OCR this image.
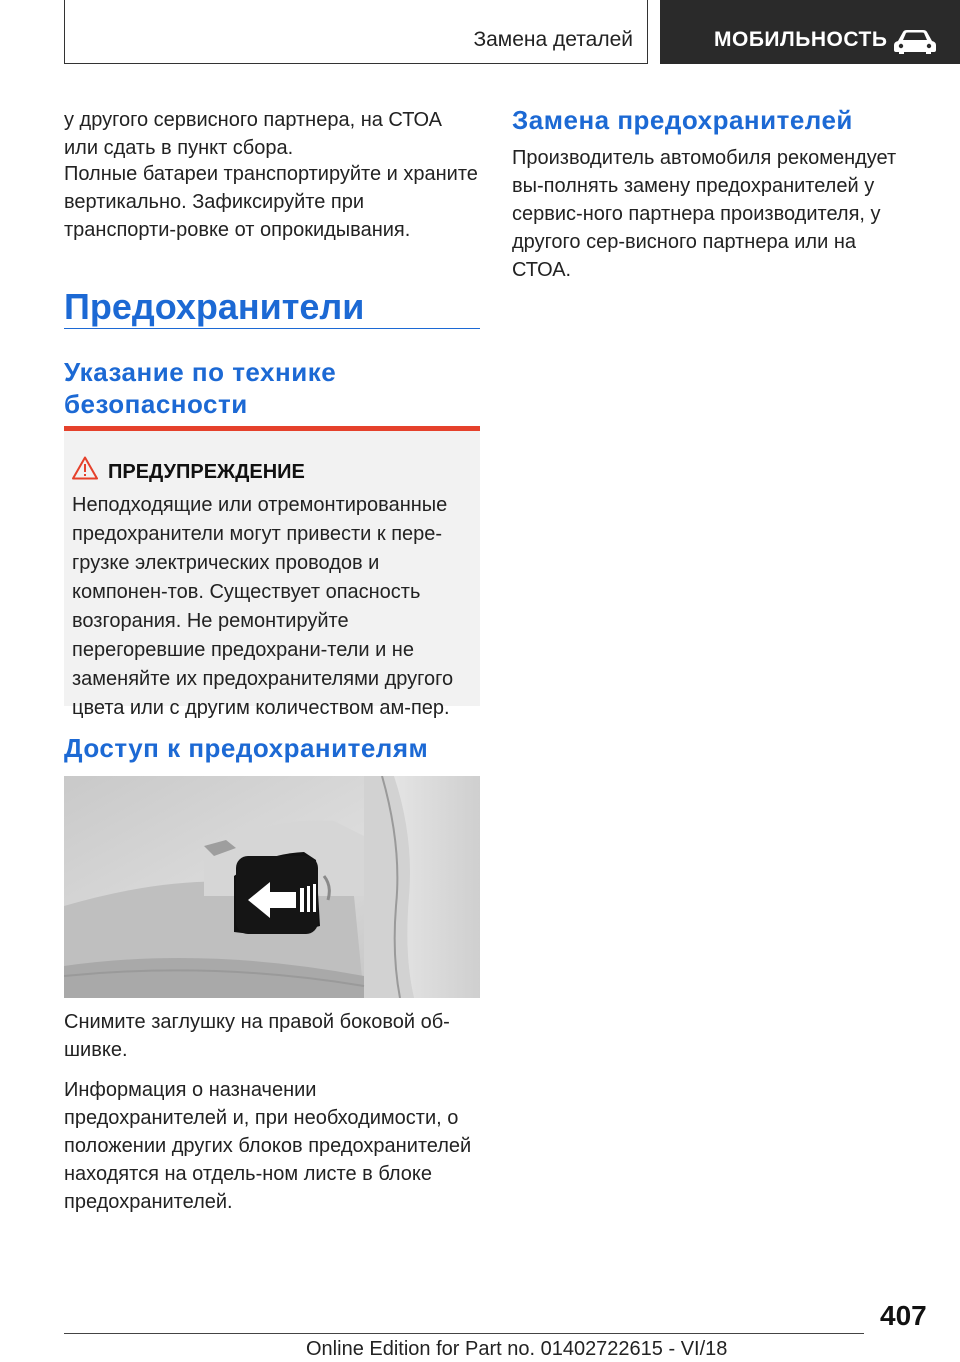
Замена деталей	МОБИЛЬНОСТЬ

у другого сервисного партнера, на СТОА или сдать в пункт сбора.

Полные батареи транспортируйте и храните вертикально. Зафиксируйте при транспорти-ровке от опрокидывания.

Предохранители
Указание по технике
безопасности
ПРЕДУПРЕЖДЕНИЕ
Неподходящие или отремонтированные предохранители могут привести к пере-грузке электрических проводов и компонен-тов. Существует опасность возгорания. Не ремонтируйте перегоревшие предохрани-тели и не заменяйте их предохранителями другого цвета или с другим количеством ам-пер.
Доступ к предохранителям

Снимите заглушку на правой боковой об-шивке.

Информация о назначении предохранителей и, при необходимости, о положении других блоков предохранителей находятся на отдель-ном листе в блоке предохранителей.

Замена предохранителей

Производитель автомобиля рекомендует вы-полнять замену предохранителей у сервис-ного партнера производителя, у другого сер-висного партнера или на СТОА.

407
Online Edition for Part no. 01402722615 - VI/18
